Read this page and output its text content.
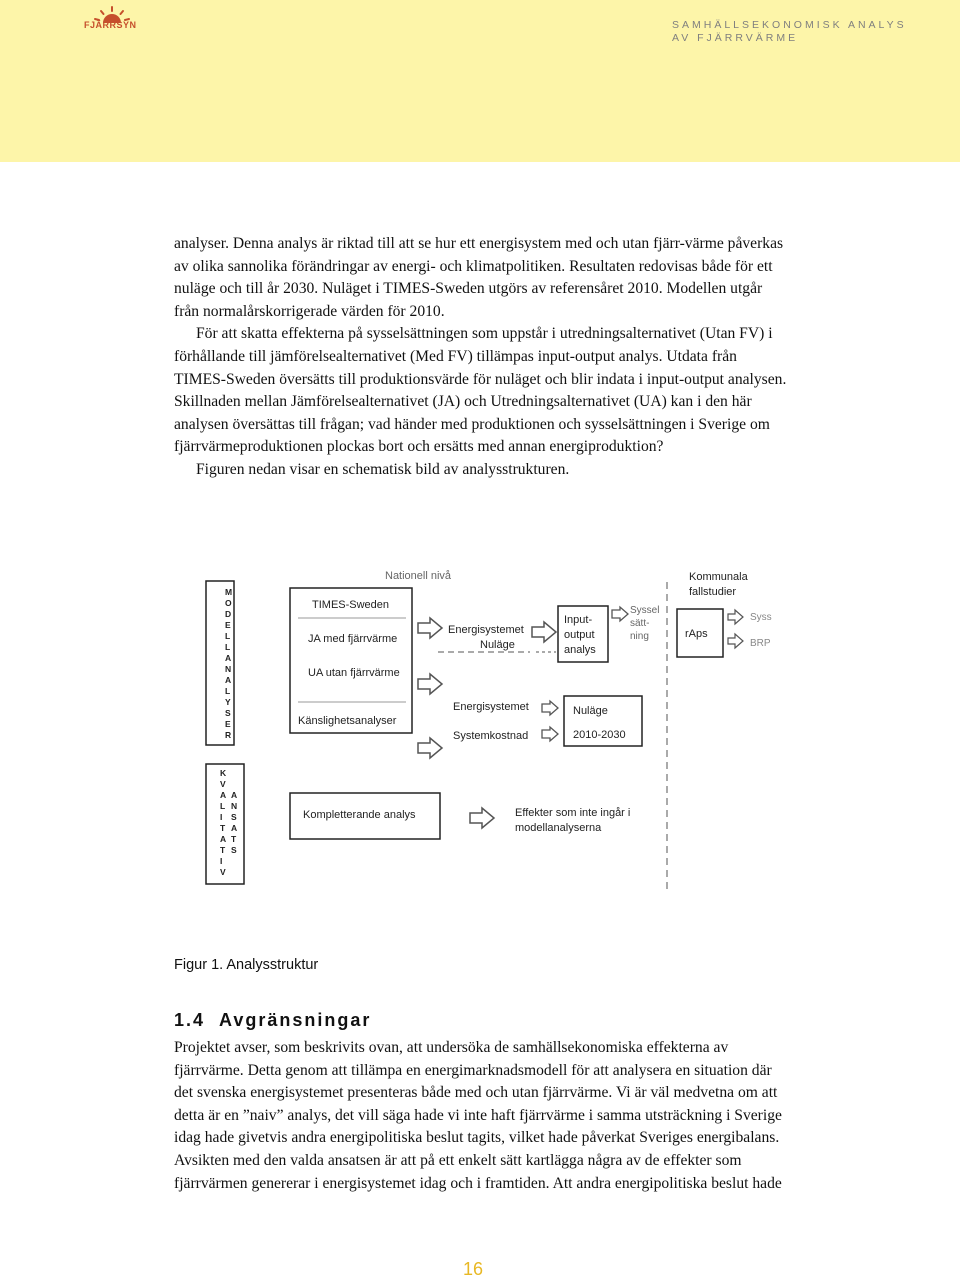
FJÄRRSYN	SAMHÄLLSEKONOMISK ANALYS AV FJÄRRVÄRME

analyser. Denna analys är riktad till att se hur ett energisystem med och utan fjärr-värme påverkas av olika sannolika förändringar av energi- och klimatpolitiken. Resultaten redovisas både för ett nuläge och till år 2030. Nuläget i TIMES-Sweden utgörs av referensåret 2010. Modellen utgår från normalårskorrigerade värden för 2010.

För att skatta effekterna på sysselsättningen som uppstår i utredningsalternativet (Utan FV) i förhållande till jämförelsealternativet (Med FV) tillämpas input-output analys. Utdata från TIMES-Sweden översätts till produktionsvärde för nuläget och blir indata i input-output analysen. Skillnaden mellan Jämförelsealternativet (JA) och Utredningsalternativet (UA) kan i den här analysen översättas till frågan; vad händer med produktionen och sysselsättningen i Sverige om fjärrvärmeproduktionen plockas bort och ersätts med annan energiproduktion?

Figuren nedan visar en schematisk bild av analysstrukturen.

M
O
D
E
L
L
A
N
A
L
Y
S
E
R
K
V
A
L
I
T
A
T
I
V
A
N
S
A
T
S
Nationell nivå
TIMES-Sweden
JA med fjärrvärme
UA utan fjärrvärme
Känslighetsanalyser
Energisystemet
Nuläge
Input-
output
analys
Syssel
sätt-
ning
Energisystemet
Systemkostnad
Nuläge
2010-2030
Kompletterande analys	Effekter som inte ingår i
modellanalyserna
Kommunala
fallstudier
rAps
Syss
BRP
Figur 1. Analysstruktur
1.4 Avgränsningar

Projektet avser, som beskrivits ovan, att undersöka de samhällsekonomiska effekterna av fjärrvärme. Detta genom att tillämpa en energimarknadsmodell för att analysera en situation där det svenska energisystemet presenteras både med och utan fjärrvärme. Vi är väl medvetna om att detta är en ”naiv” analys, det vill säga hade vi inte haft fjärrvärme i samma utsträckning i Sverige idag hade givetvis andra energipolitiska beslut tagits, vilket hade påverkat Sveriges energibalans. Avsikten med den valda ansatsen är att på ett enkelt sätt kartlägga några av de effekter som fjärrvärmen genererar i energisystemet idag och i framtiden. Att andra energipolitiska beslut hade

16
